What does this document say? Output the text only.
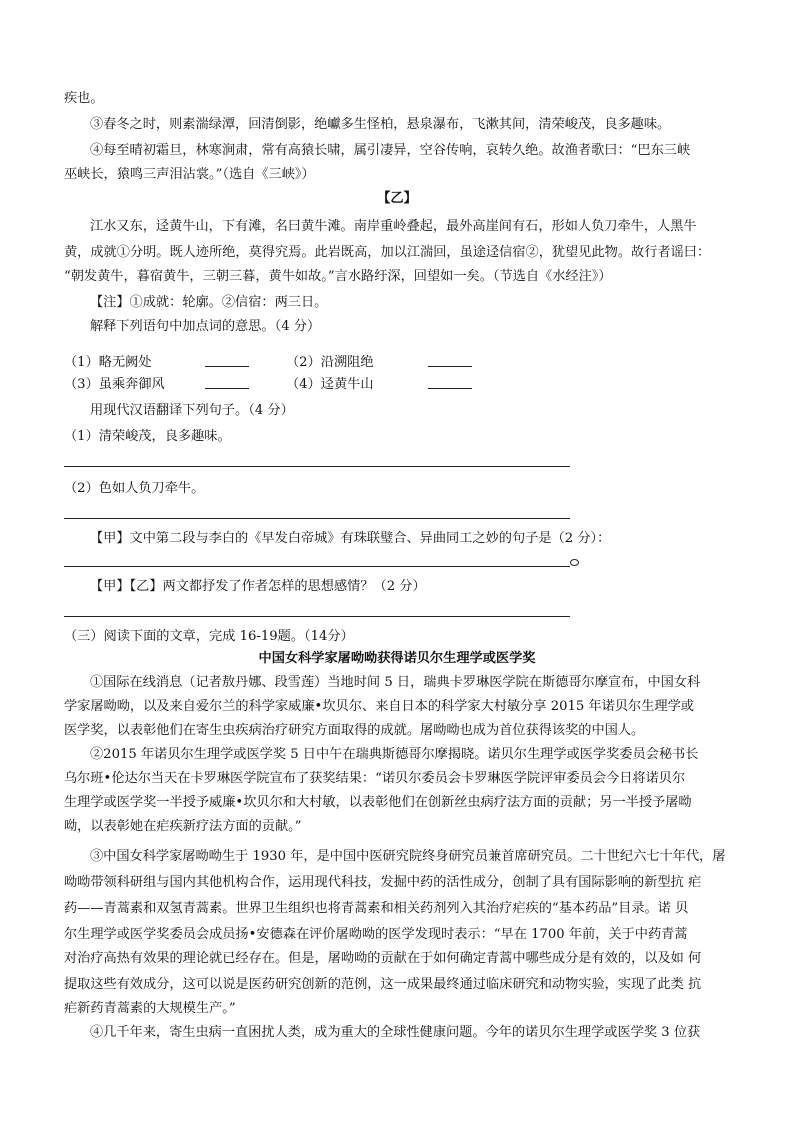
疾也。
③春冬之时，则素湍绿潭，回清倒影，绝巘多生怪柏，悬泉瀑布，飞漱其间，清荣峻茂，良多趣味。
④每至晴初霜旦，林寒涧肃，常有高猿长啸，属引凄异，空谷传响，哀转久绝。故渔者歌曰：“巴东三峡
巫峡长，猿鸣三声泪沾裳。”（选自《三峡》）
【乙】
江水又东，迳黄牛山，下有滩，名曰黄牛滩。南岸重岭叠起，最外高崖间有石，形如人负刀牵牛，人黑牛
黄，成就①分明。既人迹所绝，莫得究焉。此岩既高，加以江湍回，虽途迳信宿②，犹望见此物。故行者谣曰：
“朝发黄牛，暮宿黄牛，三朝三暮，黄牛如故。”言水路纡深，回望如一矣。（节选自《水经注》）
【注】①成就：轮廓。②信宿：两三日。
解释下列语句中加点词的意思。（4 分）
（1）略无阙处	（2）沿溯阻绝
（3）虽乘奔御风	（4）迳黄牛山
用现代汉语翻译下列句子。（4 分）
（1）清荣峻茂，良多趣味。
（2）色如人负刀牵牛。
【甲】文中第二段与李白的《早发白帝城》有珠联璧合、异曲同工之妙的句子是（2 分）：
【甲】【乙】两文都抒发了作者怎样的思想感情？（2 分）
（三）阅读下面的文章，完成 16-19题。（14分）
中国女科学家屠呦呦获得诺贝尔生理学或医学奖
①国际在线消息（记者敖丹娜、段雪莲）当地时间 5 日，瑞典卡罗琳医学院在斯德哥尔摩宣布，中国女科
学家屠呦呦，以及来自爱尔兰的科学家威廉•坎贝尔、来自日本的科学家大村敏分享 2015 年诺贝尔生理学或
医学奖，以表彰他们在寄生虫疾病治疗研究方面取得的成就。屠呦呦也成为首位获得该奖的中国人。
②2015 年诺贝尔生理学或医学奖 5 日中午在瑞典斯德哥尔摩揭晓。诺贝尔生理学或医学奖委员会秘书长
乌尔班•伦达尔当天在卡罗琳医学院宣布了获奖结果：“诺贝尔委员会卡罗琳医学院评审委员会今日将诺贝尔
生理学或医学奖一半授予威廉•坎贝尔和大村敏，以表彰他们在创新丝虫病疗法方面的贡献；另一半授予屠呦
呦，以表彰她在疟疾新疗法方面的贡献。”
③中国女科学家屠呦呦生于 1930 年，是中国中医研究院终身研究员兼首席研究员。二十世纪六七十年代，屠
呦呦带领科研组与国内其他机构合作，运用现代科技，发掘中药的活性成分，创制了具有国际影响的新型抗 疟
药——青蒿素和双氢青蒿素。世界卫生组织也将青蒿素和相关药剂列入其治疗疟疾的“基本药品”目录。诺 贝
尔生理学或医学奖委员会成员扬•安德森在评价屠呦呦的医学发现时表示：“早在 1700 年前，关于中药青蒿
对治疗高热有效果的理论就已经存在。但是，屠呦呦的贡献在于如何确定青蒿中哪些成分是有效的，以及如 何
提取这些有效成分，这可以说是医药研究创新的范例，这一成果最终通过临床研究和动物实验，实现了此类 抗
疟新药青蒿素的大规模生产。”
④几千年来，寄生虫病一直困扰人类，成为重大的全球性健康问题。今年的诺贝尔生理学或医学奖 3 位获
